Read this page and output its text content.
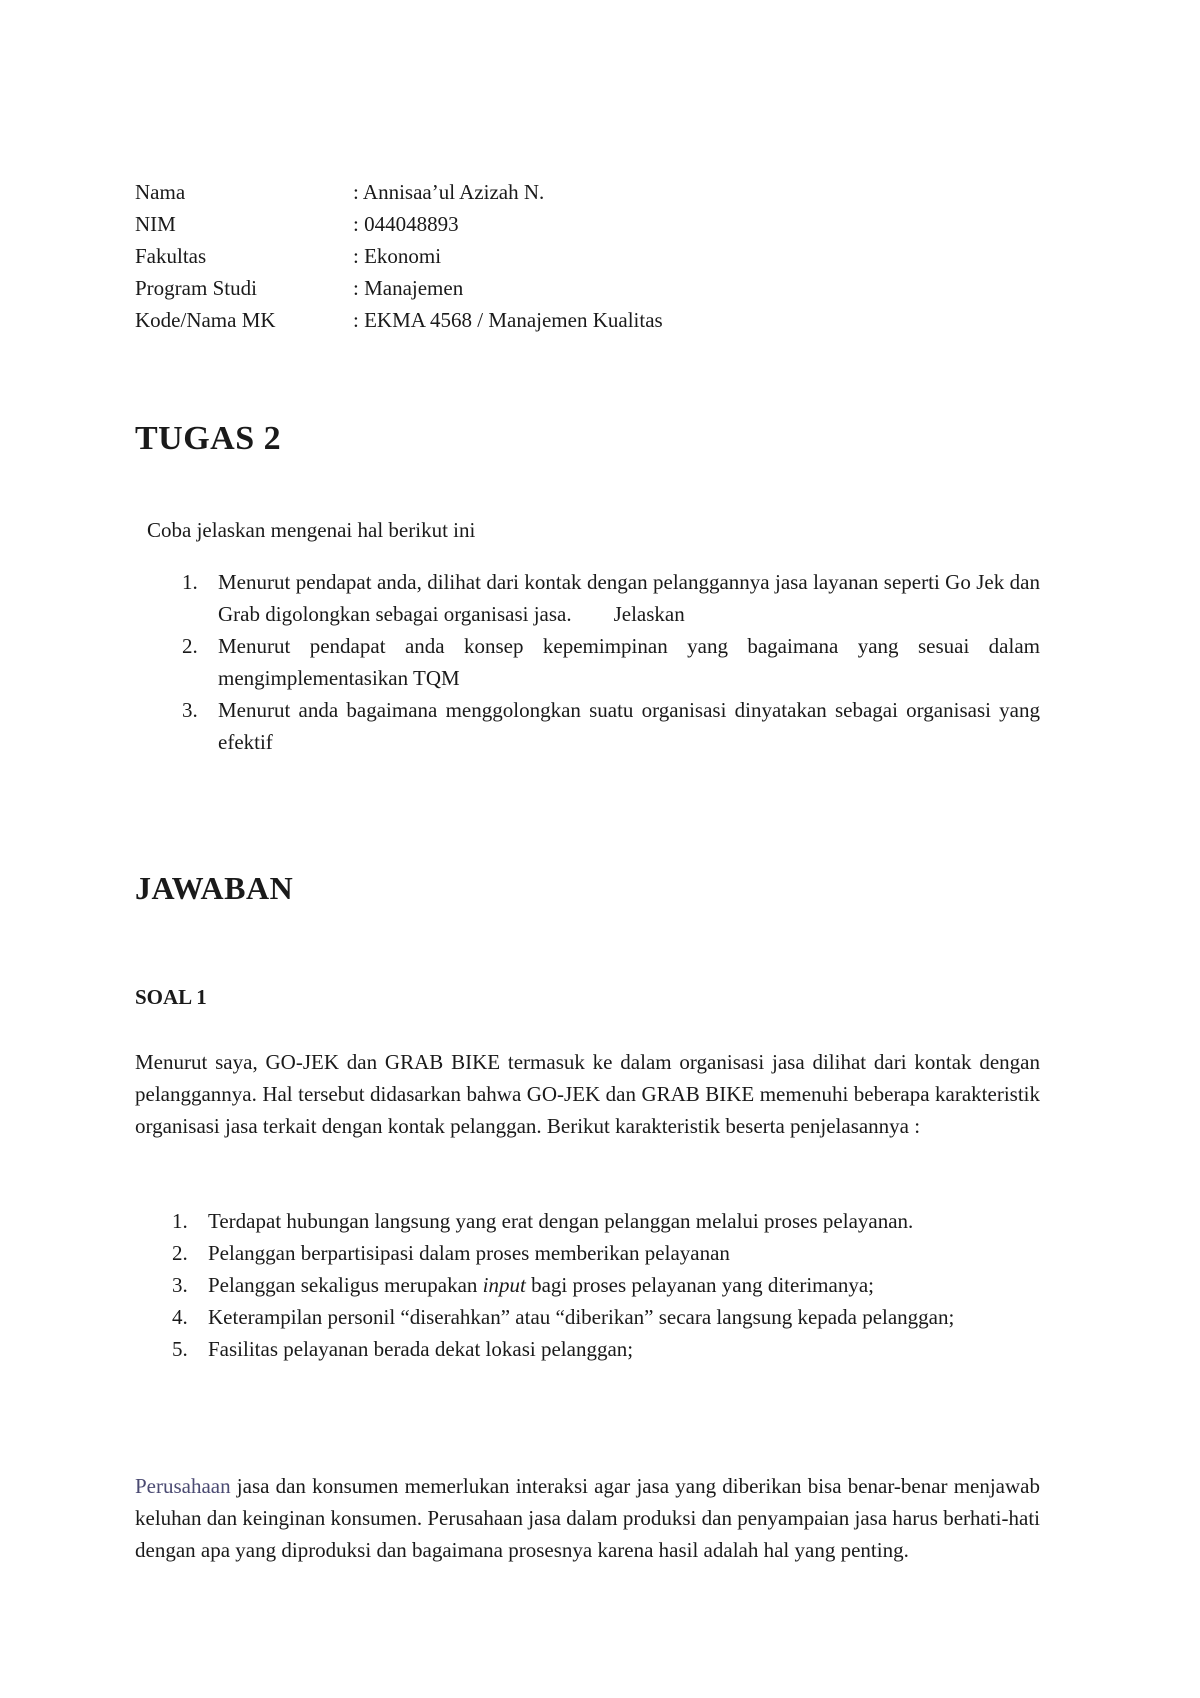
Nama	: Annisaa’ul Azizah N.
NIM	: 044048893
Fakultas	: Ekonomi
Program Studi	: Manajemen
Kode/Nama MK	: EKMA 4568 / Manajemen Kualitas
TUGAS 2
Coba jelaskan mengenai hal berikut ini
1. Menurut pendapat anda, dilihat dari kontak dengan pelanggannya jasa layanan seperti Go Jek dan Grab digolongkan sebagai organisasi jasa.        Jelaskan
2. Menurut pendapat anda konsep kepemimpinan yang bagaimana yang sesuai dalam mengimplementasikan TQM
3. Menurut anda bagaimana menggolongkan suatu organisasi dinyatakan sebagai organisasi yang efektif
JAWABAN
SOAL 1
Menurut saya, GO-JEK dan GRAB BIKE termasuk ke dalam organisasi jasa dilihat dari kontak dengan pelanggannya. Hal tersebut didasarkan bahwa GO-JEK dan GRAB BIKE memenuhi beberapa karakteristik organisasi jasa terkait dengan kontak pelanggan. Berikut karakteristik beserta penjelasannya :
1. Terdapat hubungan langsung yang erat dengan pelanggan melalui proses pelayanan.
2. Pelanggan berpartisipasi dalam proses memberikan pelayanan
3. Pelanggan sekaligus merupakan input bagi proses pelayanan yang diterimanya;
4. Keterampilan personil “diserahkan” atau “diberikan” secara langsung kepada pelanggan;
5. Fasilitas pelayanan berada dekat lokasi pelanggan;
Perusahaan jasa dan konsumen memerlukan interaksi agar jasa yang diberikan bisa benar-benar menjawab keluhan dan keinginan konsumen. Perusahaan jasa dalam produksi dan penyampaian jasa harus berhati-hati dengan apa yang diproduksi dan bagaimana prosesnya karena hasil adalah hal yang penting.
